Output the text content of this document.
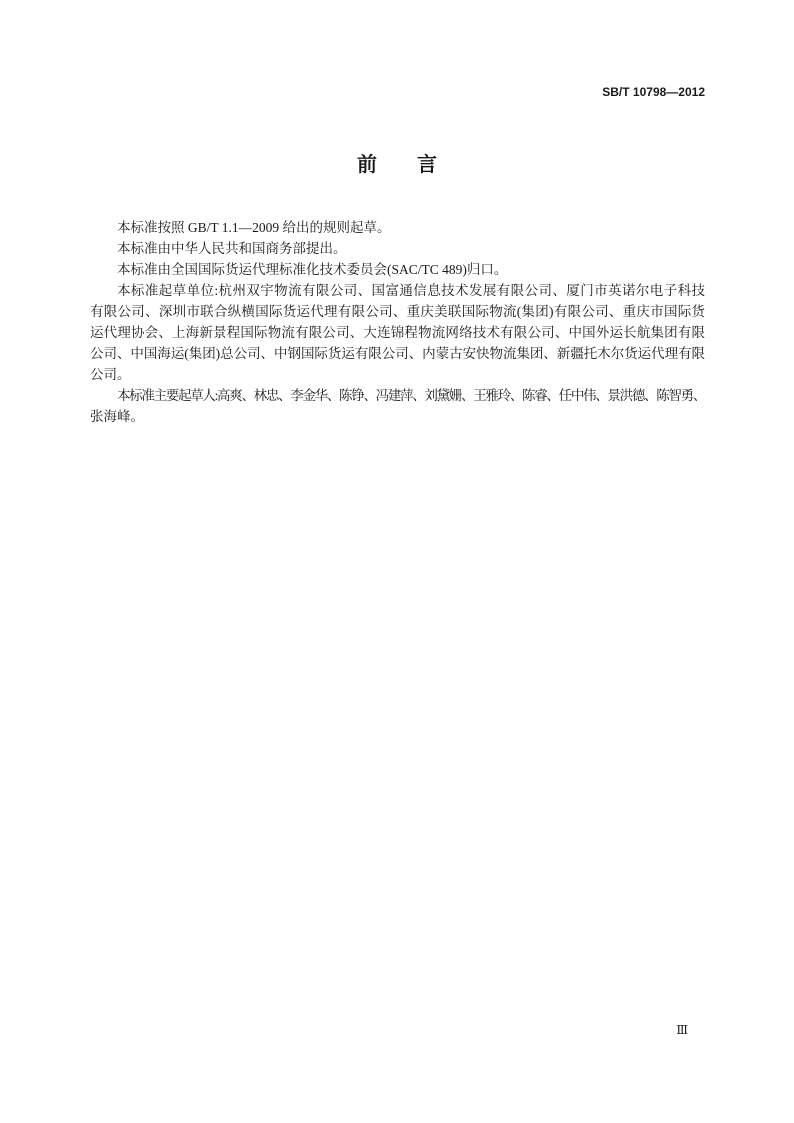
SB/T 10798—2012
前　言

本标准按照 GB/T 1.1—2009 给出的规则起草。

本标准由中华人民共和国商务部提出。

本标准由全国国际货运代理标准化技术委员会(SAC/TC 489)归口。

本标准起草单位:杭州双宇物流有限公司、国富通信息技术发展有限公司、厦门市英诺尔电子科技
有限公司、深圳市联合纵横国际货运代理有限公司、重庆美联国际物流(集团)有限公司、重庆市国际货
运代理协会、上海新景程国际物流有限公司、大连锦程物流网络技术有限公司、中国外运长航集团有限
公司、中国海运(集团)总公司、中钢国际货运有限公司、内蒙古安快物流集团、新疆托木尔货运代理有限
公司。

本标准主要起草人:高爽、林忠、李金华、陈铮、冯建萍、刘黛姗、王雅玲、陈睿、任中伟、景洪德、陈智勇、
张海峰。

Ⅲ
